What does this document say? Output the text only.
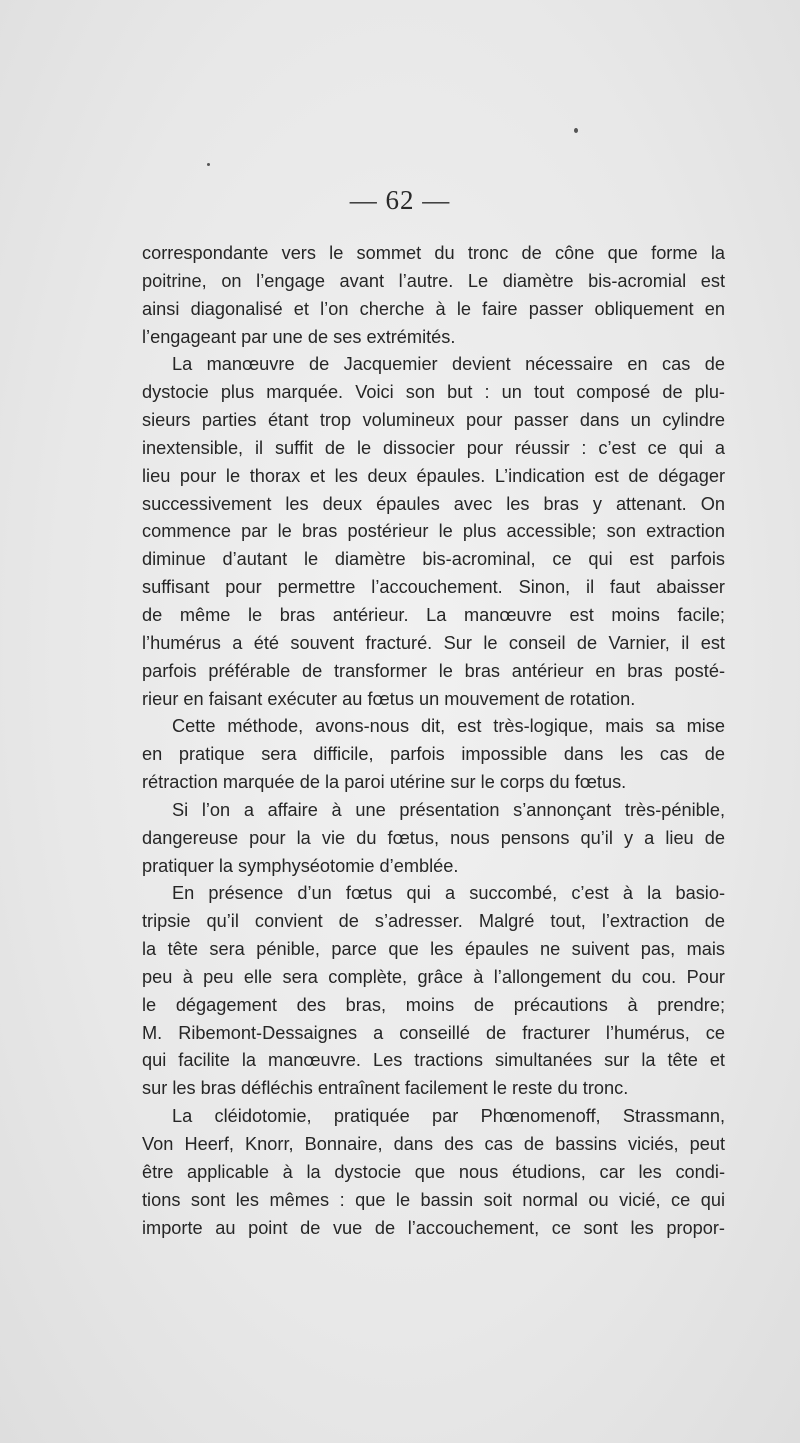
— 62 —
correspondante vers le sommet du tronc de cône que forme la
poitrine, on l’engage avant l’autre. Le diamètre bis-acromial est
ainsi diagonalisé et l’on cherche à le faire passer obliquement en
l’engageant par une de ses extrémités.
La manœuvre de Jacquemier devient nécessaire en cas de
dystocie plus marquée. Voici son but : un tout composé de plu-
sieurs parties étant trop volumineux pour passer dans un cylindre
inextensible, il suffit de le dissocier pour réussir : c’est ce qui a
lieu pour le thorax et les deux épaules. L’indication est de dégager
successivement les deux épaules avec les bras y attenant. On
commence par le bras postérieur le plus accessible; son extraction
diminue d’autant le diamètre bis-acrominal, ce qui est parfois
suffisant pour permettre l’accouchement. Sinon, il faut abaisser
de même le bras antérieur. La manœuvre est moins facile;
l’humérus a été souvent fracturé. Sur le conseil de Varnier, il est
parfois préférable de transformer le bras antérieur en bras posté-
rieur en faisant exécuter au fœtus un mouvement de rotation.
Cette méthode, avons-nous dit, est très-logique, mais sa mise
en pratique sera difficile, parfois impossible dans les cas de
rétraction marquée de la paroi utérine sur le corps du fœtus.
Si l’on a affaire à une présentation s’annonçant très-pénible,
dangereuse pour la vie du fœtus, nous pensons qu’il y a lieu de
pratiquer la symphyséotomie d’emblée.
En présence d’un fœtus qui a succombé, c’est à la basio-
tripsie qu’il convient de s’adresser. Malgré tout, l’extraction de
la tête sera pénible, parce que les épaules ne suivent pas, mais
peu à peu elle sera complète, grâce à l’allongement du cou. Pour
le dégagement des bras, moins de précautions à prendre;
M. Ribemont-Dessaignes a conseillé de fracturer l’humérus, ce
qui facilite la manœuvre. Les tractions simultanées sur la tête et
sur les bras défléchis entraînent facilement le reste du tronc.
La cléidotomie, pratiquée par Phœnomenoff, Strassmann,
Von Heerf, Knorr, Bonnaire, dans des cas de bassins viciés, peut
être applicable à la dystocie que nous étudions, car les condi-
tions sont les mêmes : que le bassin soit normal ou vicié, ce qui
importe au point de vue de l’accouchement, ce sont les propor-
